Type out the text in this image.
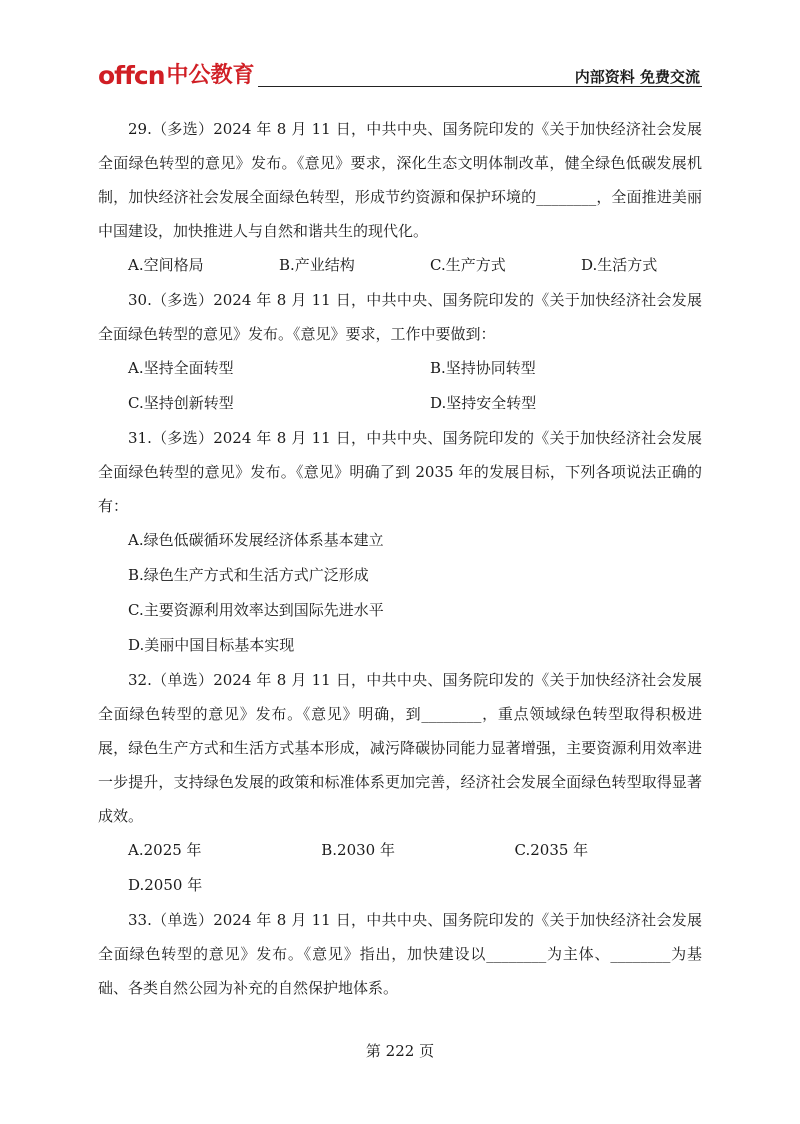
offcn 中公教育	内部资料 免费交流

29.（多选）2024 年 8 月 11 日，中共中央、国务院印发的《关于加快经济社会发展全面绿色转型的意见》发布。《意见》要求，深化生态文明体制改革，健全绿色低碳发展机制，加快经济社会发展全面绿色转型，形成节约资源和保护环境的________，全面推进美丽中国建设，加快推进人与自然和谐共生的现代化。

A.空间格局	B.产业结构	C.生产方式	D.生活方式

30.（多选）2024 年 8 月 11 日，中共中央、国务院印发的《关于加快经济社会发展全面绿色转型的意见》发布。《意见》要求，工作中要做到：

A.坚持全面转型	B.坚持协同转型
C.坚持创新转型	D.坚持安全转型

31.（多选）2024 年 8 月 11 日，中共中央、国务院印发的《关于加快经济社会发展全面绿色转型的意见》发布。《意见》明确了到 2035 年的发展目标，下列各项说法正确的有：

A.绿色低碳循环发展经济体系基本建立
B.绿色生产方式和生活方式广泛形成
C.主要资源利用效率达到国际先进水平
D.美丽中国目标基本实现

32.（单选）2024 年 8 月 11 日，中共中央、国务院印发的《关于加快经济社会发展全面绿色转型的意见》发布。《意见》明确，到________，重点领域绿色转型取得积极进展，绿色生产方式和生活方式基本形成，减污降碳协同能力显著增强，主要资源利用效率进一步提升，支持绿色发展的政策和标准体系更加完善，经济社会发展全面绿色转型取得显著成效。

A.2025 年	B.2030 年	C.2035 年
D.2050 年

33.（单选）2024 年 8 月 11 日，中共中央、国务院印发的《关于加快经济社会发展全面绿色转型的意见》发布。《意见》指出，加快建设以________为主体、________为基础、各类自然公园为补充的自然保护地体系。

第 222 页
